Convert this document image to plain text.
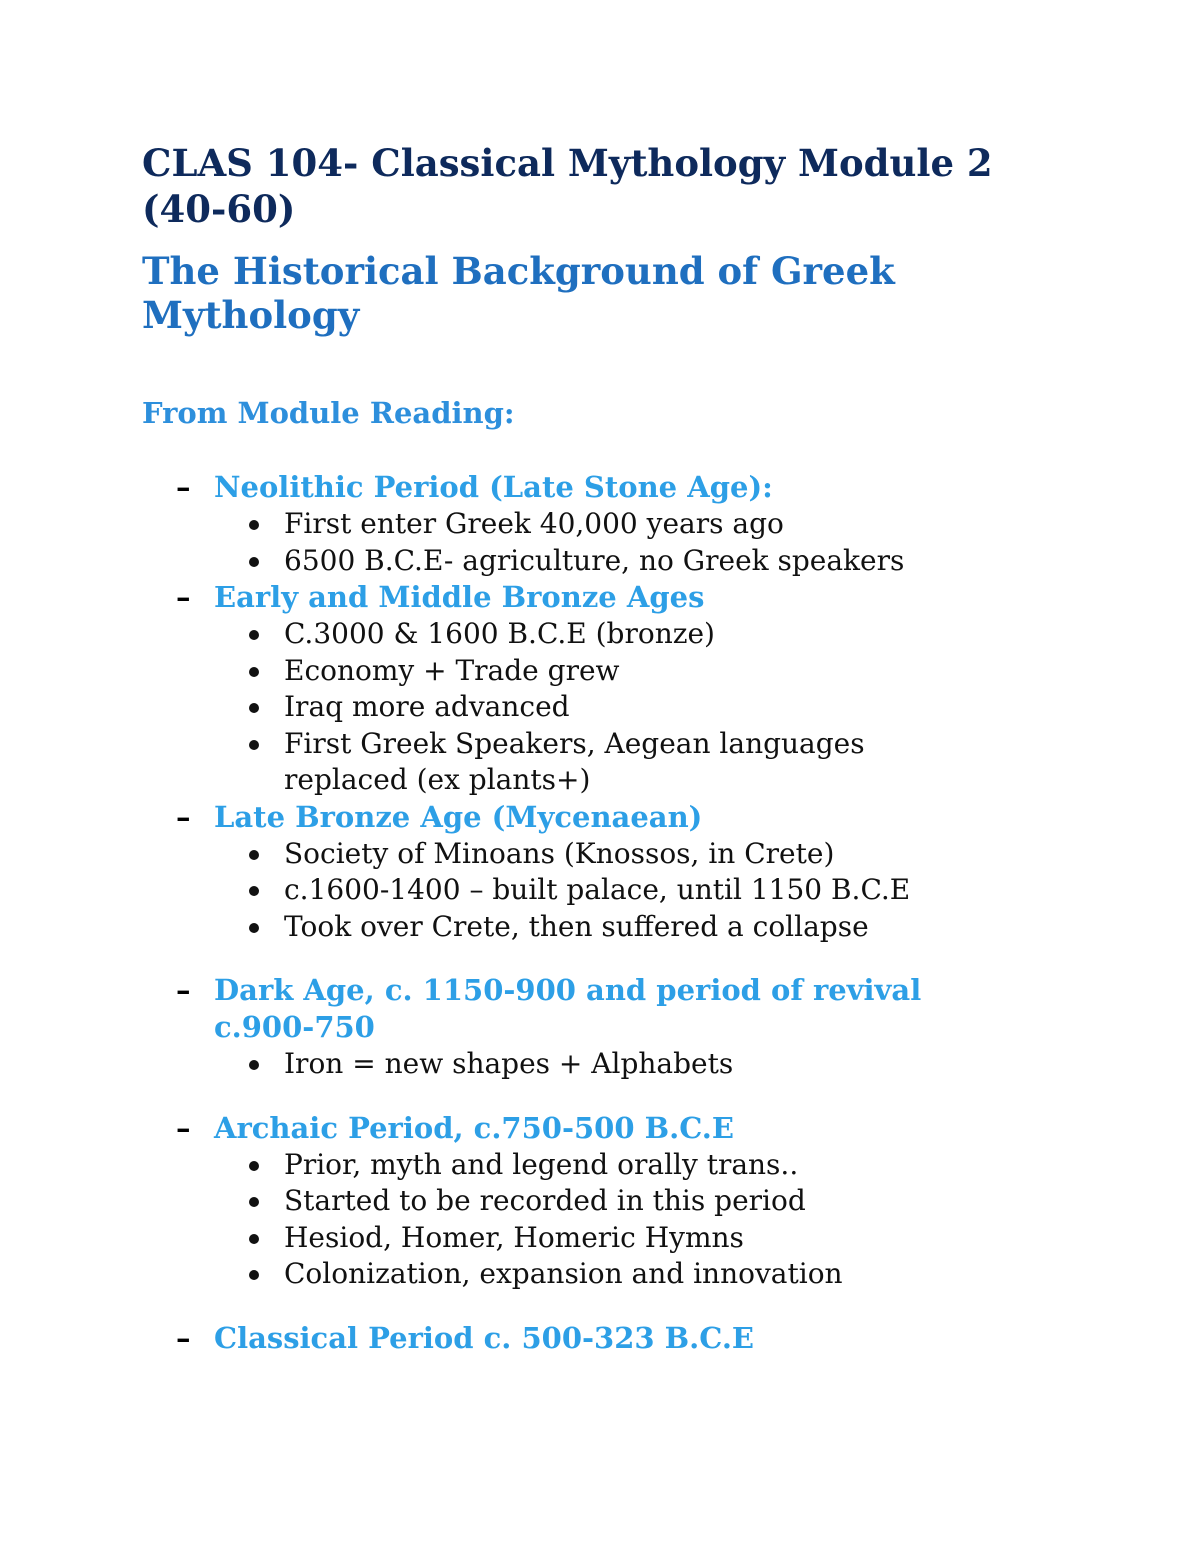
CLAS 104- Classical Mythology Module 2 (40-60)
The Historical Background of Greek Mythology
From Module Reading:
– Neolithic Period (Late Stone Age):
First enter Greek 40,000 years ago
6500 B.C.E- agriculture, no Greek speakers
– Early and Middle Bronze Ages
C.3000 & 1600 B.C.E (bronze)
Economy + Trade grew
Iraq more advanced
First Greek Speakers, Aegean languages replaced (ex plants+)
– Late Bronze Age (Mycenaean)
Society of Minoans (Knossos, in Crete)
c.1600-1400 – built palace, until 1150 B.C.E
Took over Crete, then suffered a collapse
– Dark Age, c. 1150-900 and period of revival c.900-750
Iron = new shapes + Alphabets
– Archaic Period, c.750-500 B.C.E
Prior, myth and legend orally trans..
Started to be recorded in this period
Hesiod, Homer, Homeric Hymns
Colonization, expansion and innovation
– Classical Period c. 500-323 B.C.E
